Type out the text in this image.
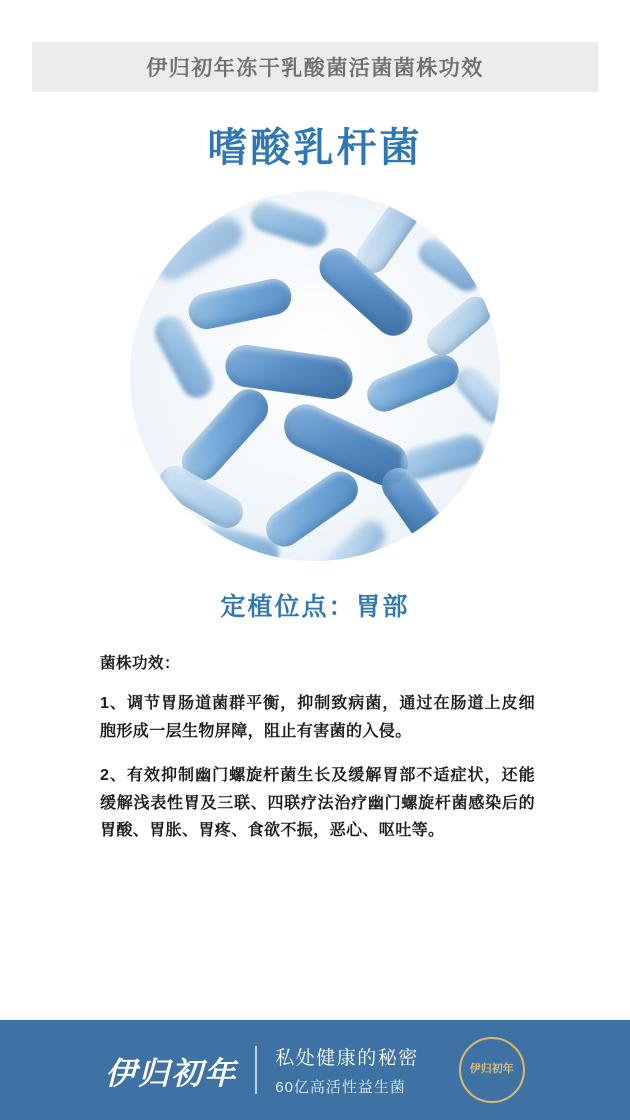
伊归初年冻干乳酸菌活菌菌株功效
嗜酸乳杆菌
定植位点：胃部
菌株功效：
1、调节胃肠道菌群平衡，抑制致病菌，通过在肠道上皮细胞形成一层生物屏障，阻止有害菌的入侵。
2、有效抑制幽门螺旋杆菌生长及缓解胃部不适症状，还能缓解浅表性胃及三联、四联疗法治疗幽门螺旋杆菌感染后的胃酸、胃胀、胃疼、食欲不振，恶心、呕吐等。
伊归初年 私处健康的秘密
60亿高活性益生菌
伊归初年
